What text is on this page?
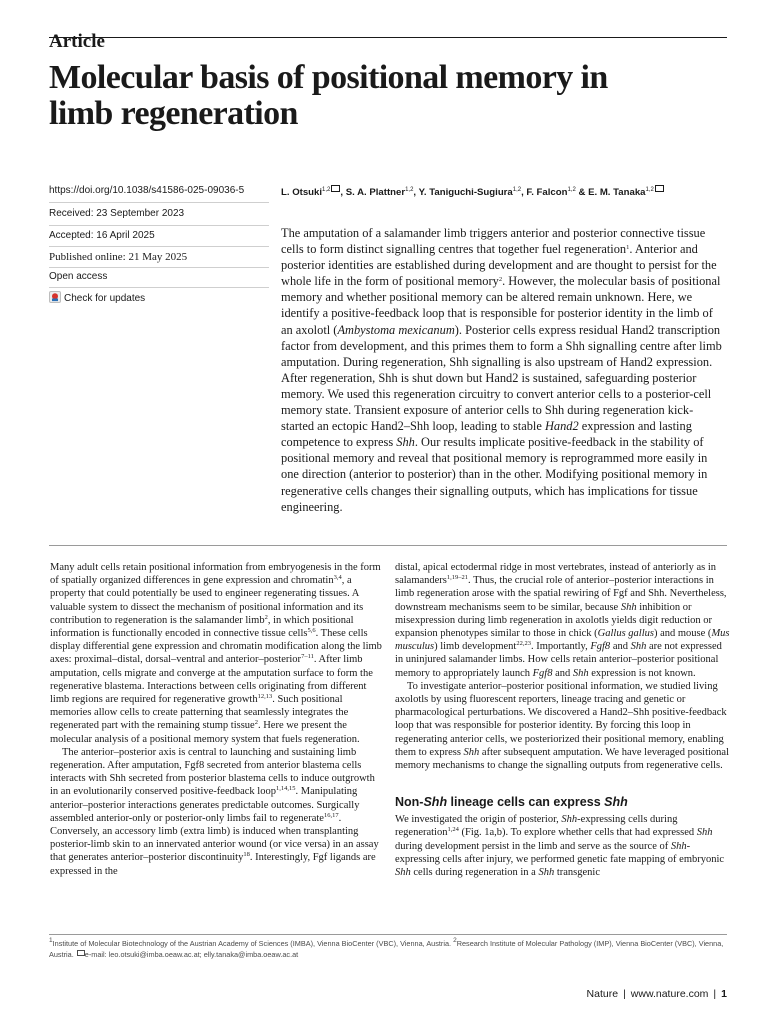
Article
Molecular basis of positional memory in
limb regeneration
https://doi.org/10.1038/s41586-025-09036-5
Received: 23 September 2023
Accepted: 16 April 2025
Published online: 21 May 2025
Open access
Check for updates

L. Otsuki$^{1,2}$ , S. A. Plattner$^{1,2}$, Y. Taniguchi-Sugiura$^{1,2}$, F. Falcon$^{1,2}$ & E. M. Tanaka$^{1,2}$

The amputation of a salamander limb triggers anterior and posterior connective tissue cells to form distinct signalling centres that together fuel regeneration$^1$. Anterior and posterior identities are established during development and are thought to persist for the whole life in the form of positional memory$^2$. However, the molecular basis of positional memory and whether positional memory can be altered remain unknown. Here, we identify a positive-feedback loop that is responsible for posterior identity in the limb of an axolotl (Ambystoma mexicanum). Posterior cells express residual Hand2 transcription factor from development, and this primes them to form a Shh signalling centre after limb amputation. During regeneration, Shh signalling is also upstream of Hand2 expression. After regeneration, Shh is shut down but Hand2 is sustained, safeguarding posterior memory. We used this regeneration circuitry to convert anterior cells to a posterior-cell memory state. Transient exposure of anterior cells to Shh during regeneration kick-started an ectopic Hand2–Shh loop, leading to stable Hand2 expression and lasting competence to express Shh. Our results implicate positive-feedback in the stability of positional memory and reveal that positional memory is reprogrammed more easily in one direction (anterior to posterior) than in the other. Modifying positional memory in regenerative cells changes their signalling outputs, which has implications for tissue engineering.

Many adult cells retain positional information from embryogenesis in the form of spatially organized differences in gene expression and chromatin$^{3,4}$, a property that could potentially be used to engineer regenerating tissues. A valuable system to dissect the mechanism of positional information and its contribution to regeneration is the salamander limb$^2$, in which positional information is functionally encoded in connective tissue cells$^{5,6}$. These cells display differential gene expression and chromatin modification along the limb axes: proximal–distal, dorsal–ventral and anterior–posterior$^{7-11}$. After limb amputation, cells migrate and converge at the amputation surface to form the regenerative blastema. Interactions between cells originating from different limb regions are required for regenerative growth$^{12,13}$. Such positional memories allow cells to create patterning that seamlessly integrates the regenerated part with the remaining stump tissue$^2$. Here we present the molecular analysis of a positional memory system that fuels regeneration.

The anterior–posterior axis is central to launching and sustaining limb regeneration. After amputation, Fgf8 secreted from anterior blastema cells interacts with Shh secreted from posterior blastema cells to induce outgrowth in an evolutionarily conserved positive-feedback loop$^{1,14,15}$. Manipulating anterior–posterior interactions generates predictable outcomes. Surgically assembled anterior-only or posterior-only limbs fail to regenerate$^{16,17}$. Conversely, an accessory limb (extra limb) is induced when transplanting posterior-limb skin to an innervated anterior wound (or vice versa) in an assay that generates anterior–posterior discontinuity$^{18}$. Interestingly, Fgf ligands are expressed in the

distal, apical ectodermal ridge in most vertebrates, instead of anteriorly as in salamanders$^{1,19-21}$. Thus, the crucial role of anterior–posterior interactions in limb regeneration arose with the spatial rewiring of Fgf and Shh. Nevertheless, downstream mechanisms seem to be similar, because Shh inhibition or misexpression during limb regeneration in axolotls yields digit reduction or expansion phenotypes similar to those in chick (Gallus gallus) and mouse (Mus musculus) limb development$^{22,23}$. Importantly, Fgf8 and Shh are not expressed in uninjured salamander limbs. How cells retain anterior–posterior positional memory to appropriately launch Fgf8 and Shh expression is not known.

To investigate anterior–posterior positional information, we studied living axolotls by using fluorescent reporters, lineage tracing and genetic or pharmacological perturbations. We discovered a Hand2–Shh positive-feedback loop that was responsible for posterior identity. By forcing this loop in regenerating anterior cells, we posteriorized their positional memory, enabling them to express Shh after subsequent amputation. We have leveraged positional memory mechanisms to change the signalling outputs from regenerative cells.

Non-Shh lineage cells can express Shh

We investigated the origin of posterior, Shh-expressing cells during regeneration$^{1,24}$ (Fig. 1a,b). To explore whether cells that had expressed Shh during development persist in the limb and serve as the source of Shh-expressing cells after injury, we performed genetic fate mapping of embryonic Shh cells during regeneration in a Shh transgenic

$^1$Institute of Molecular Biotechnology of the Austrian Academy of Sciences (IMBA), Vienna BioCenter (VBC), Vienna, Austria. $^2$Research Institute of Molecular Pathology (IMP), Vienna BioCenter (VBC), Vienna, Austria. e-mail: leo.otsuki@imba.oeaw.ac.at; elly.tanaka@imba.oeaw.ac.at

Nature | www.nature.com | 1
